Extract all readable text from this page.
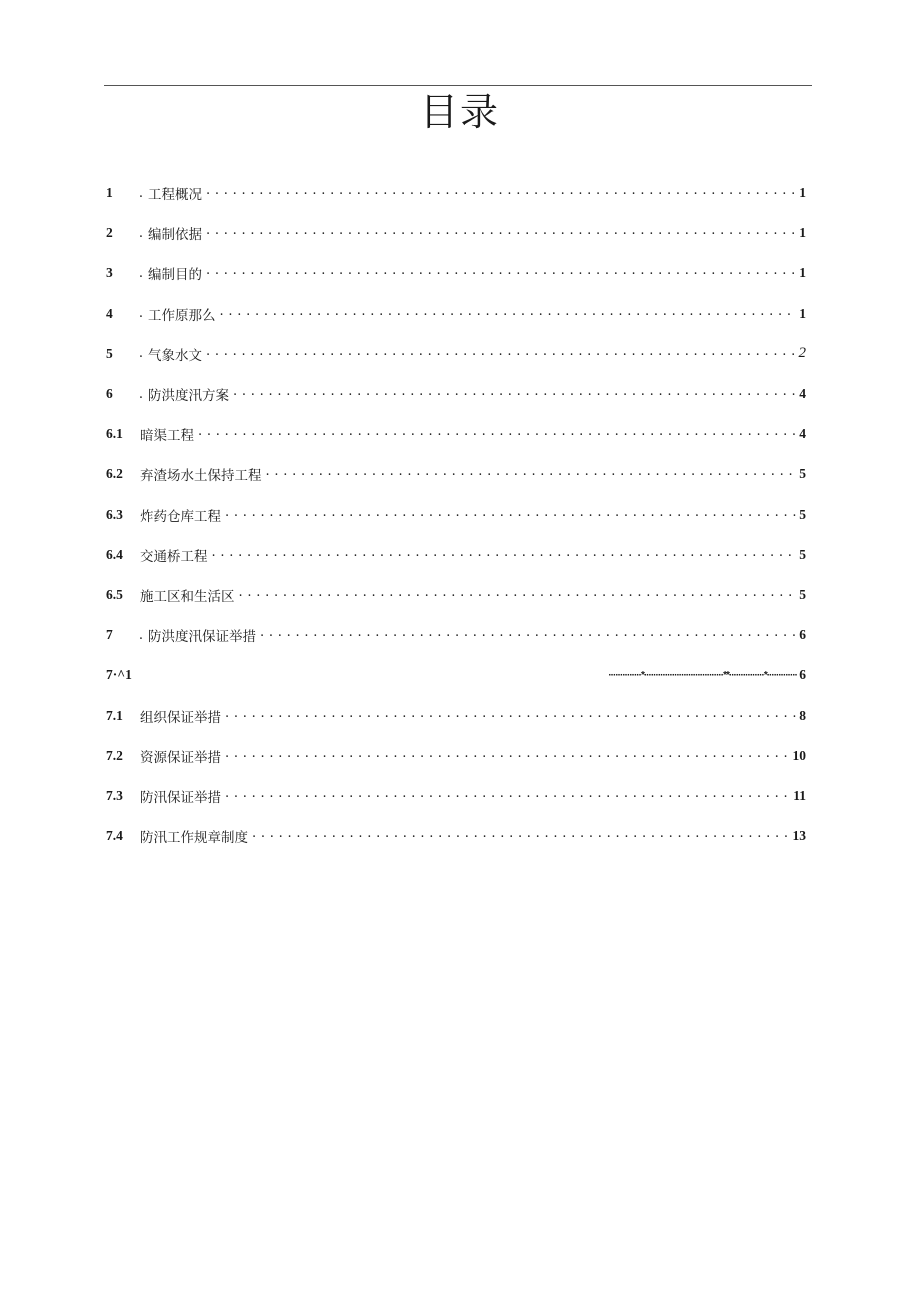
目录
1	. 工程概况 . . .	1
2	. 编制依据 . . .	1
3	. 编制目的 . . .	1
4	. 工作原那么 . . .	1
5	. 气象水文 . . .	2
6	. 防洪度汛方案 . . .	4
6.1	暗渠工程 . . .	4
6.2	弃渣场水土保持工程 . . .	5
6.3	炸药仓库工程 . . .	5
6.4	交通桥工程 . . .	5
6.5	施工区和生活区 . . .	5
7	. 防洪度汛保证举措 . . .	6
7·^1	··············*··································**···············*············· 6
7.1	组织保证举措 . . .	8
7.2	资源保证举措 . . .	10
7.3	防汛保证举措 . . .	11
7.4	防汛工作规章制度 . . .	13
